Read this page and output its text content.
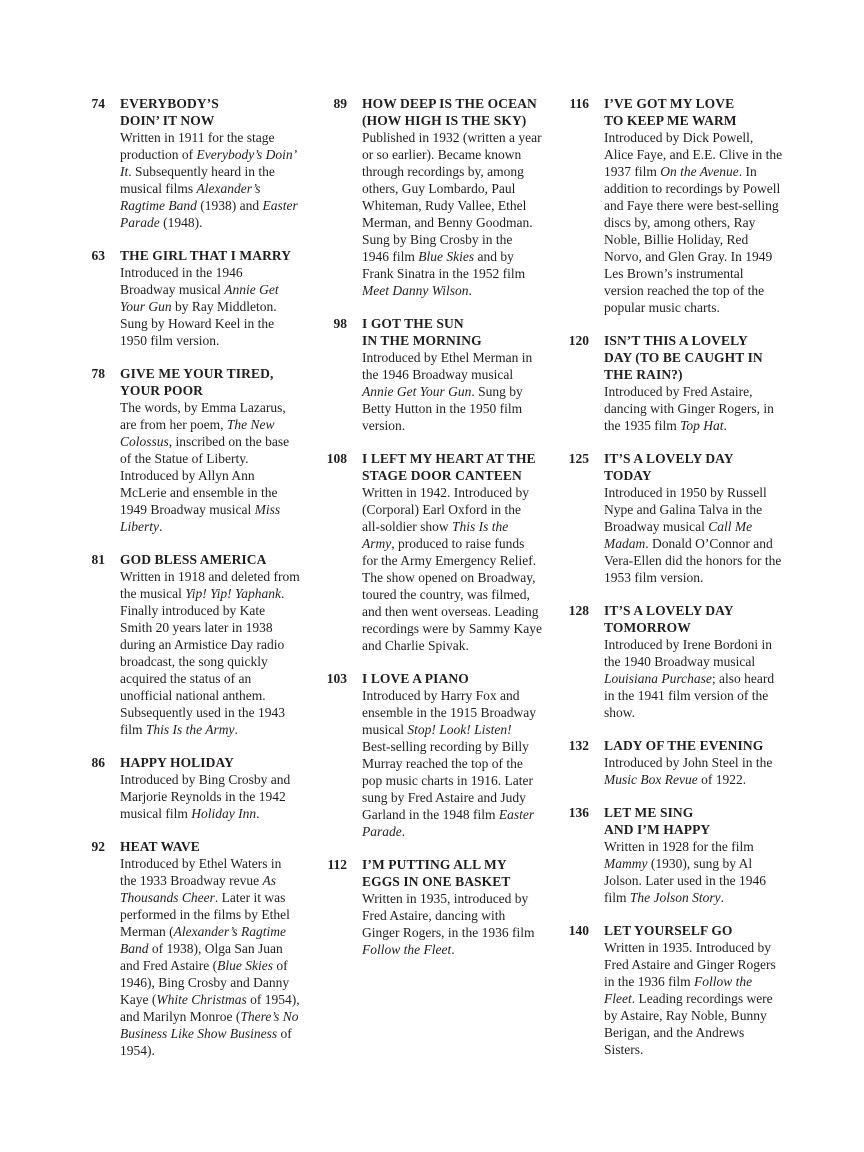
74 EVERYBODY’S
DOIN’ IT NOW
Written in 1911 for the stage production of Everybody’s Doin’ It. Subsequently heard in the musical films Alexander’s Ragtime Band (1938) and Easter Parade (1948).
63 THE GIRL THAT I MARRY
Introduced in the 1946 Broadway musical Annie Get Your Gun by Ray Middleton. Sung by Howard Keel in the 1950 film version.
78 GIVE ME YOUR TIRED,
YOUR POOR
The words, by Emma Lazarus, are from her poem, The New Colossus, inscribed on the base of the Statue of Liberty. Introduced by Allyn Ann McLerie and ensemble in the 1949 Broadway musical Miss Liberty.
81 GOD BLESS AMERICA
Written in 1918 and deleted from the musical Yip! Yip! Yaphank. Finally introduced by Kate Smith 20 years later in 1938 during an Armistice Day radio broadcast, the song quickly acquired the status of an unofficial national anthem. Subsequently used in the 1943 film This Is the Army.
86 HAPPY HOLIDAY
Introduced by Bing Crosby and Marjorie Reynolds in the 1942 musical film Holiday Inn.
92 HEAT WAVE
Introduced by Ethel Waters in the 1933 Broadway revue As Thousands Cheer. Later it was performed in the films by Ethel Merman (Alexander’s Ragtime Band of 1938), Olga San Juan and Fred Astaire (Blue Skies of 1946), Bing Crosby and Danny Kaye (White Christmas of 1954), and Marilyn Monroe (There’s No Business Like Show Business of 1954).
89 HOW DEEP IS THE OCEAN
(HOW HIGH IS THE SKY)
Published in 1932 (written a year or so earlier). Became known through recordings by, among others, Guy Lombardo, Paul Whiteman, Rudy Vallee, Ethel Merman, and Benny Goodman. Sung by Bing Crosby in the 1946 film Blue Skies and by Frank Sinatra in the 1952 film Meet Danny Wilson.
98 I GOT THE SUN
IN THE MORNING
Introduced by Ethel Merman in the 1946 Broadway musical Annie Get Your Gun. Sung by Betty Hutton in the 1950 film version.
108 I LEFT MY HEART AT THE
STAGE DOOR CANTEEN
Written in 1942. Introduced by (Corporal) Earl Oxford in the all-soldier show This Is the Army, produced to raise funds for the Army Emergency Relief. The show opened on Broadway, toured the country, was filmed, and then went overseas. Leading recordings were by Sammy Kaye and Charlie Spivak.
103 I LOVE A PIANO
Introduced by Harry Fox and ensemble in the 1915 Broadway musical Stop! Look! Listen! Best-selling recording by Billy Murray reached the top of the pop music charts in 1916. Later sung by Fred Astaire and Judy Garland in the 1948 film Easter Parade.
112 I’M PUTTING ALL MY
EGGS IN ONE BASKET
Written in 1935, introduced by Fred Astaire, dancing with Ginger Rogers, in the 1936 film Follow the Fleet.
116 I’VE GOT MY LOVE
TO KEEP ME WARM
Introduced by Dick Powell, Alice Faye, and E.E. Clive in the 1937 film On the Avenue. In addition to recordings by Powell and Faye there were best-selling discs by, among others, Ray Noble, Billie Holiday, Red Norvo, and Glen Gray. In 1949 Les Brown’s instrumental version reached the top of the popular music charts.
120 ISN’T THIS A LOVELY
DAY (TO BE CAUGHT IN
THE RAIN?)
Introduced by Fred Astaire, dancing with Ginger Rogers, in the 1935 film Top Hat.
125 IT’S A LOVELY DAY
TODAY
Introduced in 1950 by Russell Nype and Galina Talva in the Broadway musical Call Me Madam. Donald O’Connor and Vera-Ellen did the honors for the 1953 film version.
128 IT’S A LOVELY DAY
TOMORROW
Introduced by Irene Bordoni in the 1940 Broadway musical Louisiana Purchase; also heard in the 1941 film version of the show.
132 LADY OF THE EVENING
Introduced by John Steel in the Music Box Revue of 1922.
136 LET ME SING
AND I’M HAPPY
Written in 1928 for the film Mammy (1930), sung by Al Jolson. Later used in the 1946 film The Jolson Story.
140 LET YOURSELF GO
Written in 1935. Introduced by Fred Astaire and Ginger Rogers in the 1936 film Follow the Fleet. Leading recordings were by Astaire, Ray Noble, Bunny Berigan, and the Andrews Sisters.
